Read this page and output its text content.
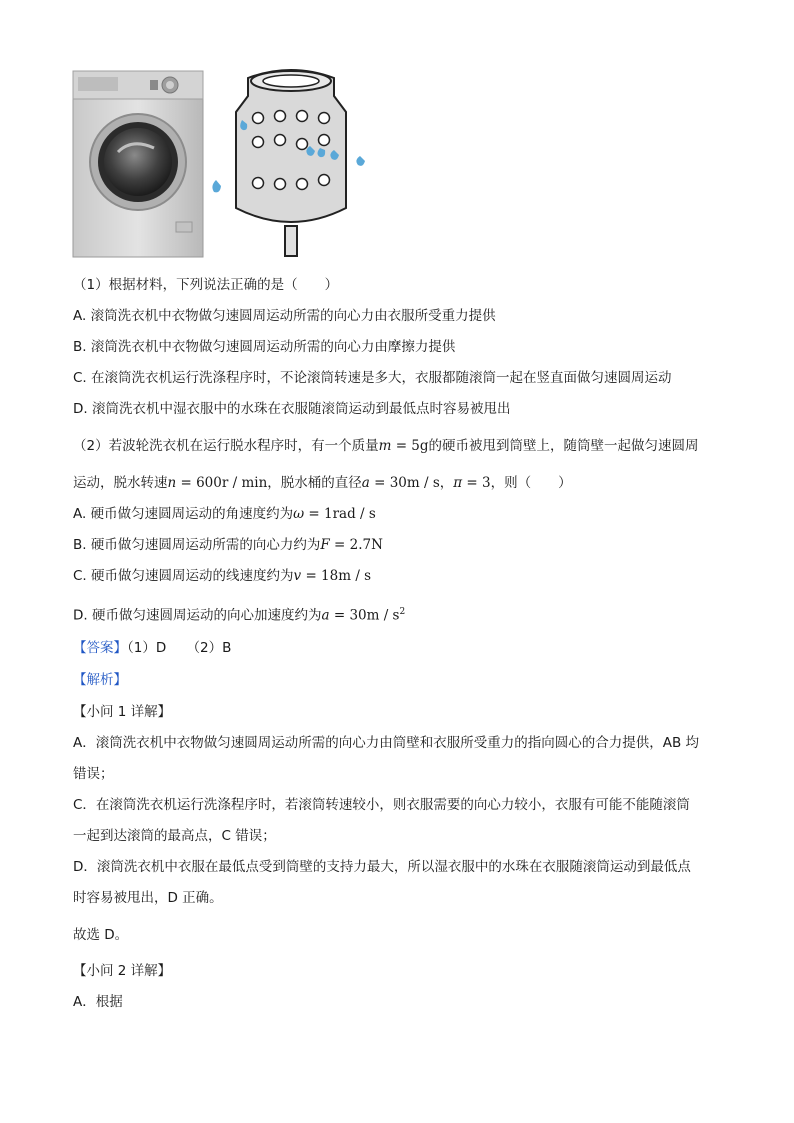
（1）根据材料，下列说法正确的是（　　）
A. 滚筒洗衣机中衣物做匀速圆周运动所需的向心力由衣服所受重力提供
B. 滚筒洗衣机中衣物做匀速圆周运动所需的向心力由摩擦力提供
C. 在滚筒洗衣机运行洗涤程序时，不论滚筒转速是多大，衣服都随滚筒一起在竖直面做匀速圆周运动
D. 滚筒洗衣机中湿衣服中的水珠在衣服随滚筒运动到最低点时容易被甩出
（2）若波轮洗衣机在运行脱水程序时，有一个质量m = 5g的硬币被甩到筒壁上，随筒壁一起做匀速圆周
运动，脱水转速n = 600r / min，脱水桶的直径a = 30m / s，π = 3，则（　　）
A. 硬币做匀速圆周运动的角速度约为ω = 1rad / s
B. 硬币做匀速圆周运动所需的向心力约为F = 2.7N
C. 硬币做匀速圆周运动的线速度约为v = 18m / s
D. 硬币做匀速圆周运动的向心加速度约为$a = 30m / s^2$
【答案】（1）D　　（2）B
【解析】
【小问 1 详解】
A．滚筒洗衣机中衣物做匀速圆周运动所需的向心力由筒壁和衣服所受重力的指向圆心的合力提供，AB 均
错误；
C．在滚筒洗衣机运行洗涤程序时，若滚筒转速较小，则衣服需要的向心力较小，衣服有可能不能随滚筒
一起到达滚筒的最高点，C 错误；
D．滚筒洗衣机中衣服在最低点受到筒壁的支持力最大，所以湿衣服中的水珠在衣服随滚筒运动到最低点
时容易被甩出，D 正确。
故选 D。
【小问 2 详解】
A．根据
